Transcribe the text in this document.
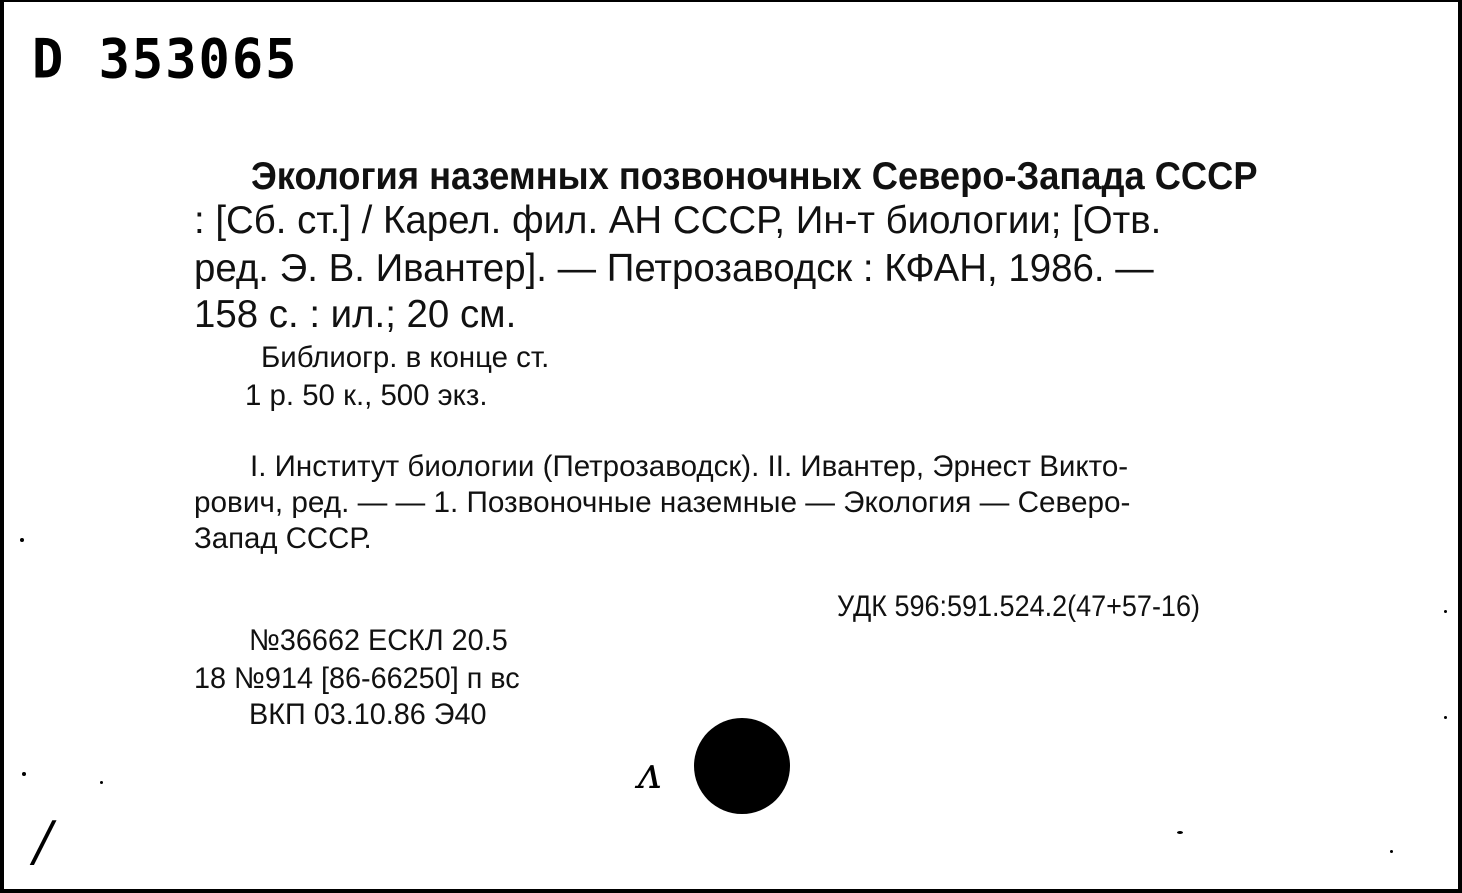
D 353065
Экология наземных позвоночных Северо-Запада СССР
: [Сб. ст.] / Карел. фил. АН СССР, Ин-т биологии; [Отв.
ред. Э. В. Ивантер]. — Петрозаводск : КФАН, 1986. —
158 с. : ил.; 20 см.
Библиогр. в конце ст.
1 р. 50 к., 500 экз.
I. Институт биологии (Петрозаводск). II. Ивантер, Эрнест Викто-
рович, ред. — — 1. Позвоночные наземные — Экология — Северо-
Запад СССР.
УДК 596:591.524.2(47+57-16)
№36662 ЕСКЛ 20.5
18 №914 [86-66250] п вс
ВКП 03.10.86 Э40
ʌ
/
